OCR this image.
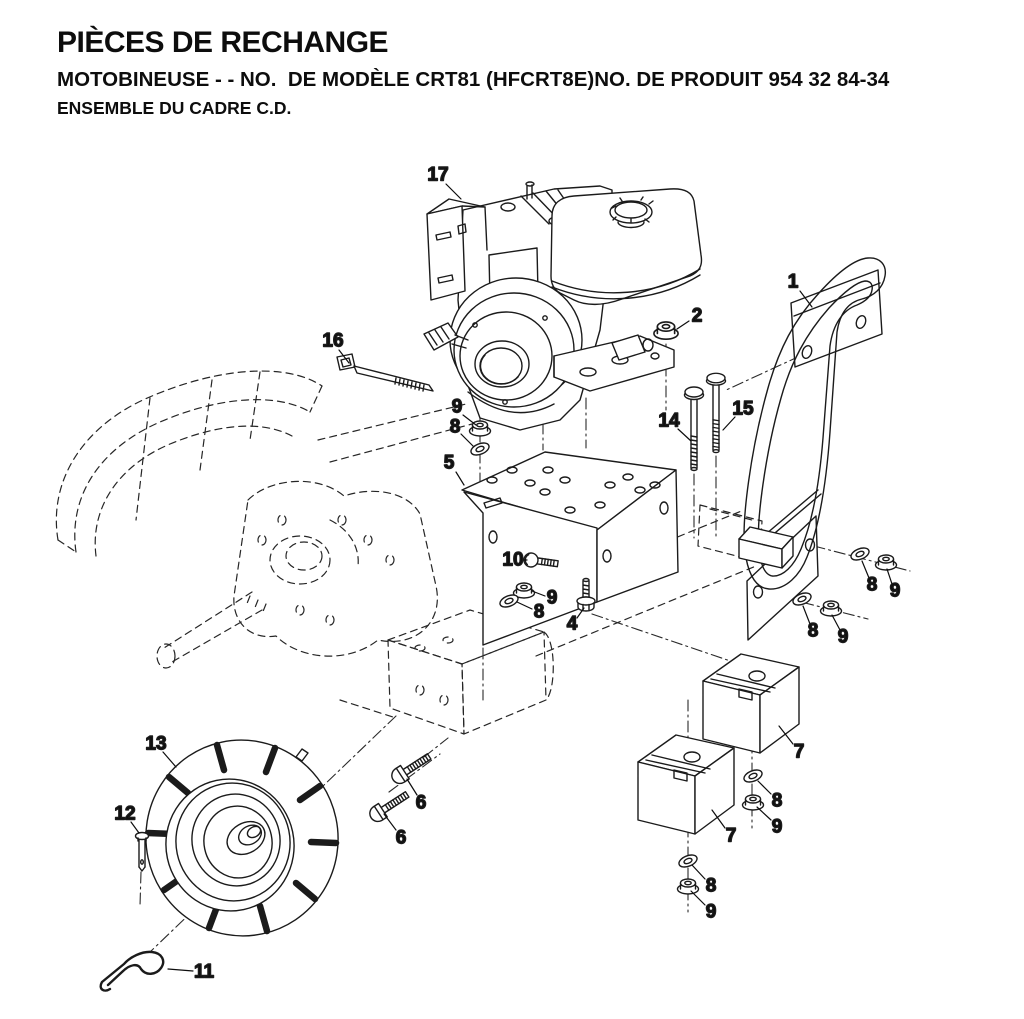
PIÈCES DE RECHANGE
MOTOBINEUSE - - NO.  DE MODÈLE CRT81 (HFCRT8E)NO. DE PRODUIT 954 32 84-34
ENSEMBLE DU CADRE C.D.
17
1
2
16
9
8
5
14
15
10
9
8
4
8 9
8 9
7
8
9
7
8
9
13
12
11
6
6
